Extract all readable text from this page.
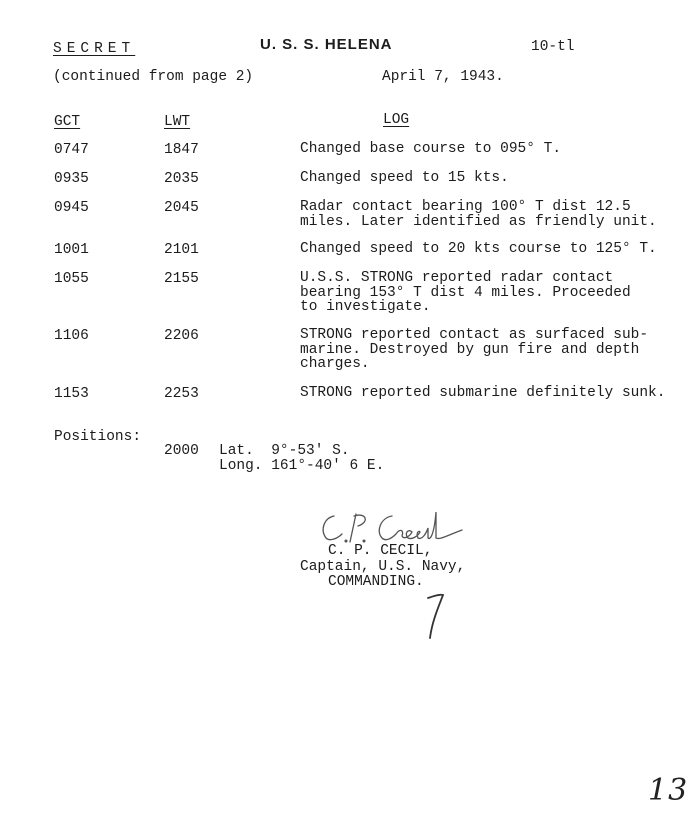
SECRET	U. S. S. HELENA	10-tl
(continued from page 2)	April 7, 1943.
GCT	LWT	LOG
0747	1847	Changed base course to 095° T.
0935	2035	Changed speed to 15 kts.
0945	2045	Radar contact bearing 100° T dist 12.5
miles. Later identified as friendly unit.
1001	2101	Changed speed to 20 kts course to 125° T.
1055	2155	U.S.S. STRONG reported radar contact
bearing 153° T dist 4 miles. Proceeded
to investigate.
1106	2206	STRONG reported contact as surfaced sub-
marine. Destroyed by gun fire and depth
charges.
1153	2253	STRONG reported submarine definitely sunk.
Positions:
2000 Lat.  9°-53' S.
Long. 161°-40' 6 E.
C. P. CECIL,
Captain, U.S. Navy,
COMMANDING.
13
